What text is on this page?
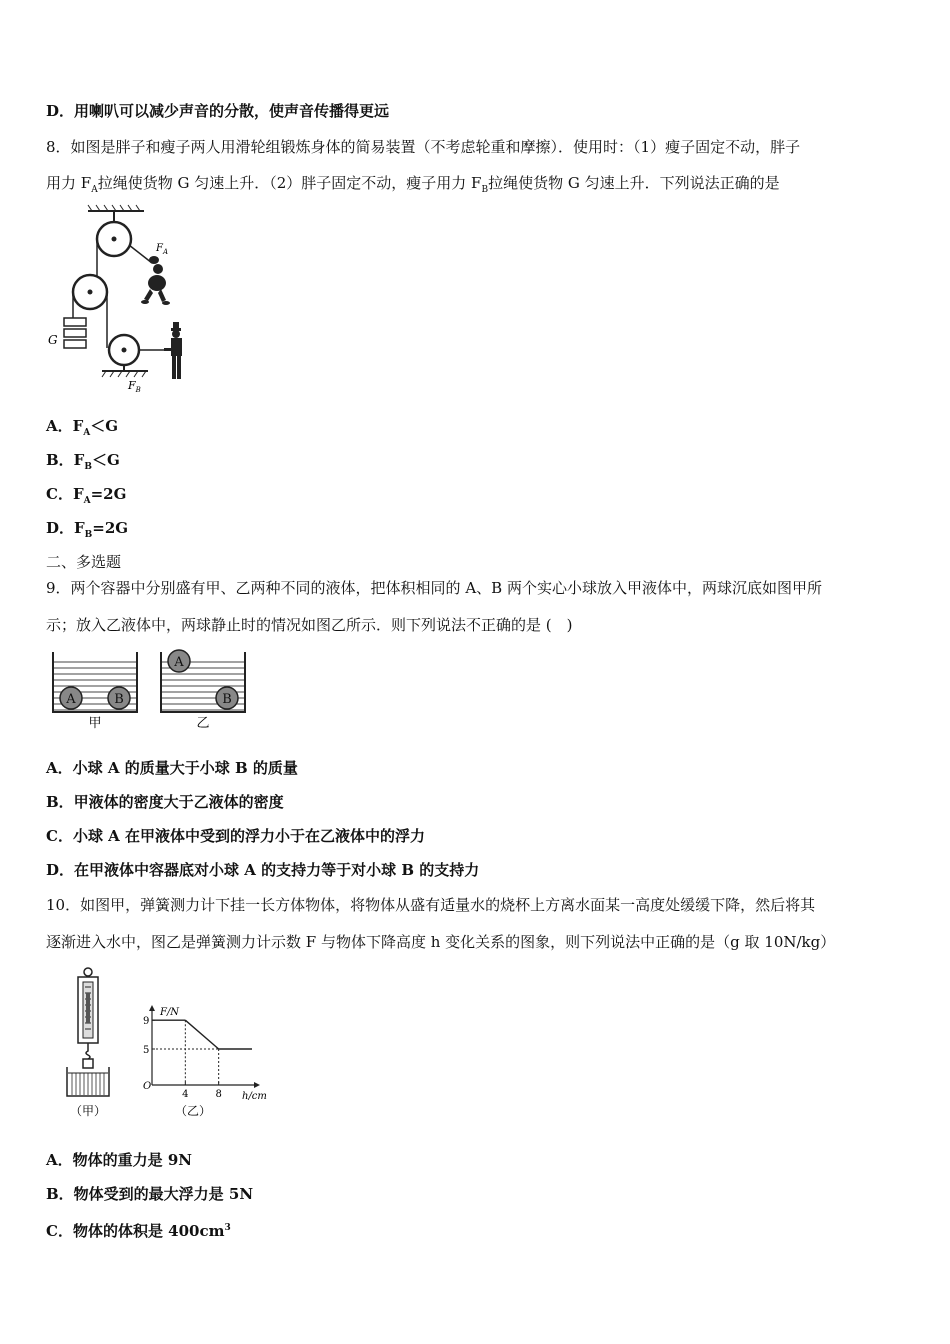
D．用喇叭可以减少声音的分散，使声音传播得更远
8．如图是胖子和瘦子两人用滑轮组锻炼身体的简易装置（不考虑轮重和摩擦）．使用时：（1）瘦子固定不动，胖子
用力 $F_A$拉绳使货物 G 匀速上升．（2）胖子固定不动，瘦子用力 $F_B$拉绳使货物 G 匀速上升．下列说法正确的是
$F_A$
G
$F_B$
A．$F_A<G$
B．$F_B<G$
C．$F_A=2G$
D．$F_B=2G$
二、多选题
9．两个容器中分别盛有甲、乙两种不同的液体，把体积相同的 A、B 两个实心小球放入甲液体中，两球沉底如图甲所
示；放入乙液体中，两球静止时的情况如图乙所示．则下列说法不正确的是 (　)
A	B
甲
A
B
乙
A．小球 A 的质量大于小球 B 的质量
B．甲液体的密度大于乙液体的密度
C．小球 A 在甲液体中受到的浮力小于在乙液体中的浮力
D．在甲液体中容器底对小球 A 的支持力等于对小球 B 的支持力
10．如图甲，弹簧测力计下挂一长方体物体，将物体从盛有适量水的烧杯上方离水面某一高度处缓缓下降，然后将其
逐渐进入水中，图乙是弹簧测力计示数 F 与物体下降高度 h 变化关系的图象，则下列说法中正确的是（g 取 10N/kg）
（甲）
F/N
h/cm
O
9
5
4	8
（乙）
A．物体的重力是 9N
B．物体受到的最大浮力是 5N
C．物体的体积是 $400cm^3$
